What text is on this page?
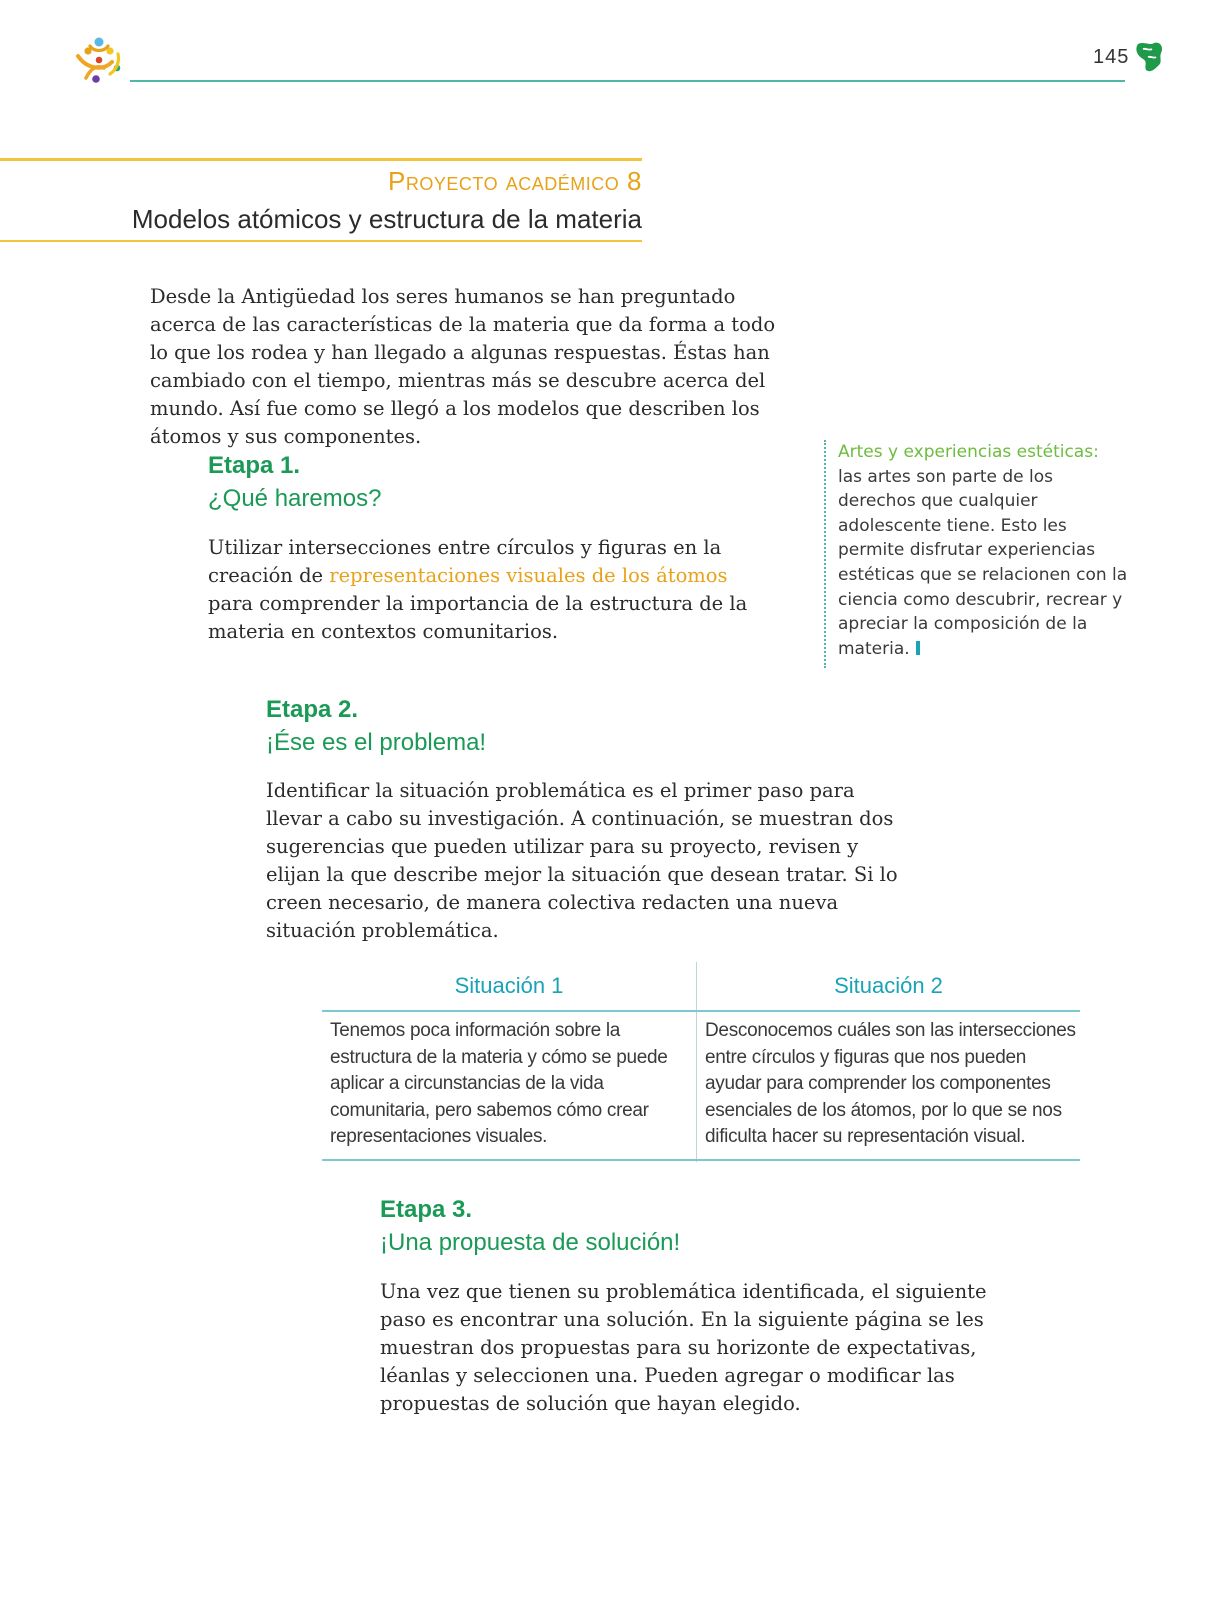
145
Proyecto académico 8
Modelos atómicos y estructura de la materia
Desde la Antigüedad los seres humanos se han preguntado acerca de las características de la materia que da forma a todo lo que los rodea y han llegado a algunas respuestas. Éstas han cambiado con el tiempo, mientras más se descubre acerca del mundo. Así fue como se llegó a los modelos que describen los átomos y sus componentes.
Etapa 1.
¿Qué haremos?
Utilizar intersecciones entre círculos y figuras en la creación de representaciones visuales de los átomos para comprender la importancia de la estructura de la materia en contextos comunitarios.
Artes y experiencias estéticas: las artes son parte de los derechos que cualquier adolescente tiene. Esto les permite disfrutar experiencias estéticas que se relacionen con la ciencia como descubrir, recrear y apreciar la composición de la materia.
Etapa 2.
¡Ése es el problema!
Identificar la situación problemática es el primer paso para llevar a cabo su investigación. A continuación, se muestran dos sugerencias que pueden utilizar para su proyecto, revisen y elijan la que describe mejor la situación que desean tratar. Si lo creen necesario, de manera colectiva redacten una nueva situación problemática.
Situación 1	Situación 2
Tenemos poca información sobre la estructura de la materia y cómo se puede aplicar a circunstancias de la vida comunitaria, pero sabemos cómo crear representaciones visuales.
Desconocemos cuáles son las intersecciones entre círculos y figuras que nos pueden ayudar para comprender los componentes esenciales de los átomos, por lo que se nos dificulta hacer su representación visual.
Etapa 3.
¡Una propuesta de solución!
Una vez que tienen su problemática identificada, el siguiente paso es encontrar una solución. En la siguiente página se les muestran dos propuestas para su horizonte de expectativas, léanlas y seleccionen una. Pueden agregar o modificar las propuestas de solución que hayan elegido.
